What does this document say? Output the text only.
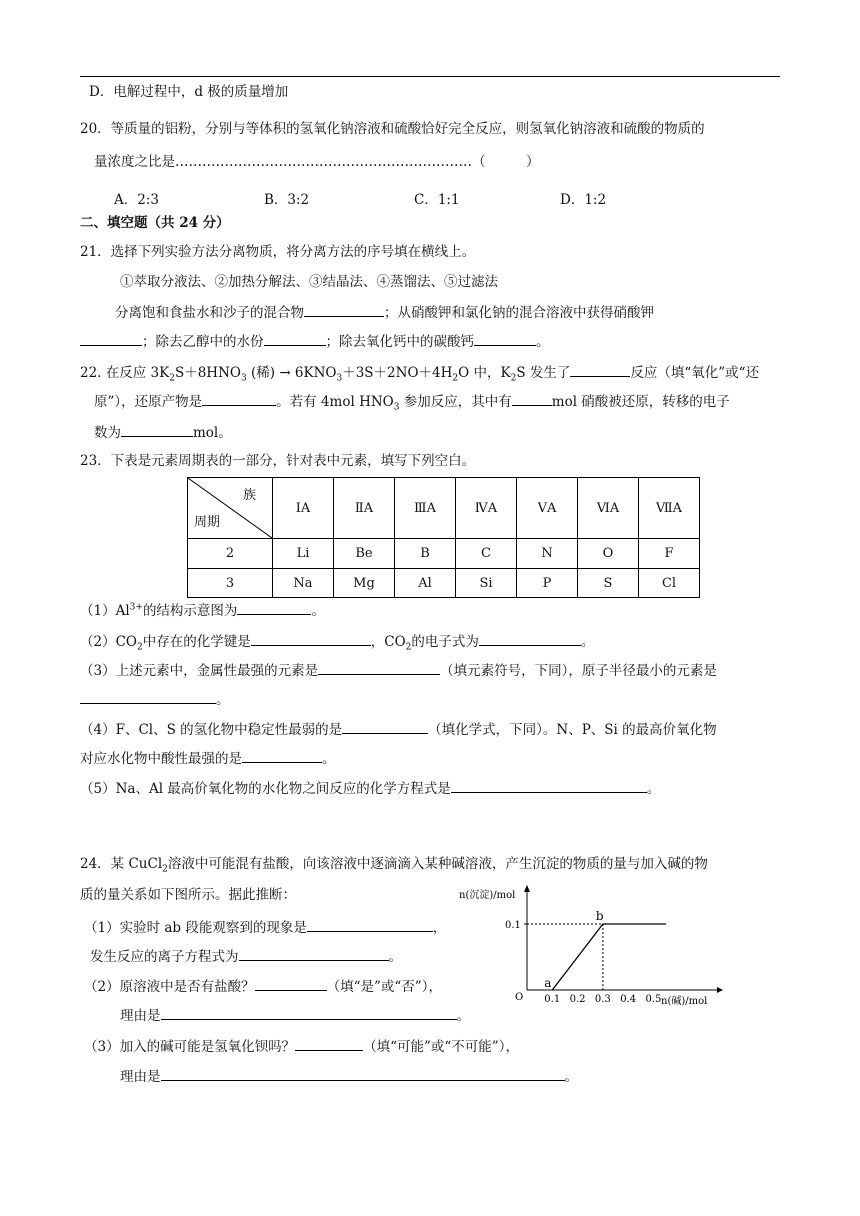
D．电解过程中，d 极的质量增加
20．等质量的铝粉，分别与等体积的氢氧化钠溶液和硫酸恰好完全反应，则氢氧化钠溶液和硫酸的物质的
量浓度之比是…………………………………………………………（　　　）
A．2:3	B．3:2	C．1:1	D．1:2
二、填空题（共 24 分）
21．选择下列实验方法分离物质，将分离方法的序号填在横线上。
①萃取分液法、②加热分解法、③结晶法、④蒸馏法、⑤过滤法
分离饱和食盐水和沙子的混合物	；从硝酸钾和氯化钠的混合溶液中获得硝酸钾
；除去乙醇中的水份	；除去氧化钙中的碳酸钙	。
22. 在反应 $3K_2S+8HNO_3$ (稀) → $6KNO_3+3S+2NO+4H_2O$ 中，$K_2S$ 发生了	反应（填“氧化”或“还
原”），还原产物是	。若有 4mol $HNO_3$ 参加反应，其中有	mol 硝酸被还原，转移的电子
数为	mol。
23．下表是元素周期表的一部分，针对表中元素，填写下列空白。
族
周期	ⅠA	ⅡA	ⅢA	ⅣA	ⅤA	ⅥA	ⅦA
2	Li	Be	B	C	N	O	F
3	Na	Mg	Al	Si	P	S	Cl
$(1)Al^{3+}$的结构示意图为	。
$(2)CO_2$中存在的化学键是	，$CO_2$的电子式为	。
（3）上述元素中，金属性最强的元素是	（填元素符号，下同），原子半径最小的元素是
。
（4）F、Cl、S 的氢化物中稳定性最弱的是	（填化学式，下同）。N、P、Si 的最高价氧化物
对应水化物中酸性最强的是	。
（5）Na、Al 最高价氧化物的水化物之间反应的化学方程式是	。
24．某 CuCl$_2$溶液中可能混有盐酸，向该溶液中逐滴滴入某种碱溶液，产生沉淀的物质的量与加入碱的物
质的量关系如下图所示。据此推断：
（1）实验时 ab 段能观察到的现象是	，
发生反应的离子方程式为	。
（2）原溶液中是否有盐酸？	（填“是”或“否”），
理由是	。
（3）加入的碱可能是氢氧化钡吗？	（填“可能”或“不可能”），
理由是	。
n(沉淀)/mol
n(碱)/mol
O 0.1 0.2 0.3 0.4 0.5
0.1
a
b
